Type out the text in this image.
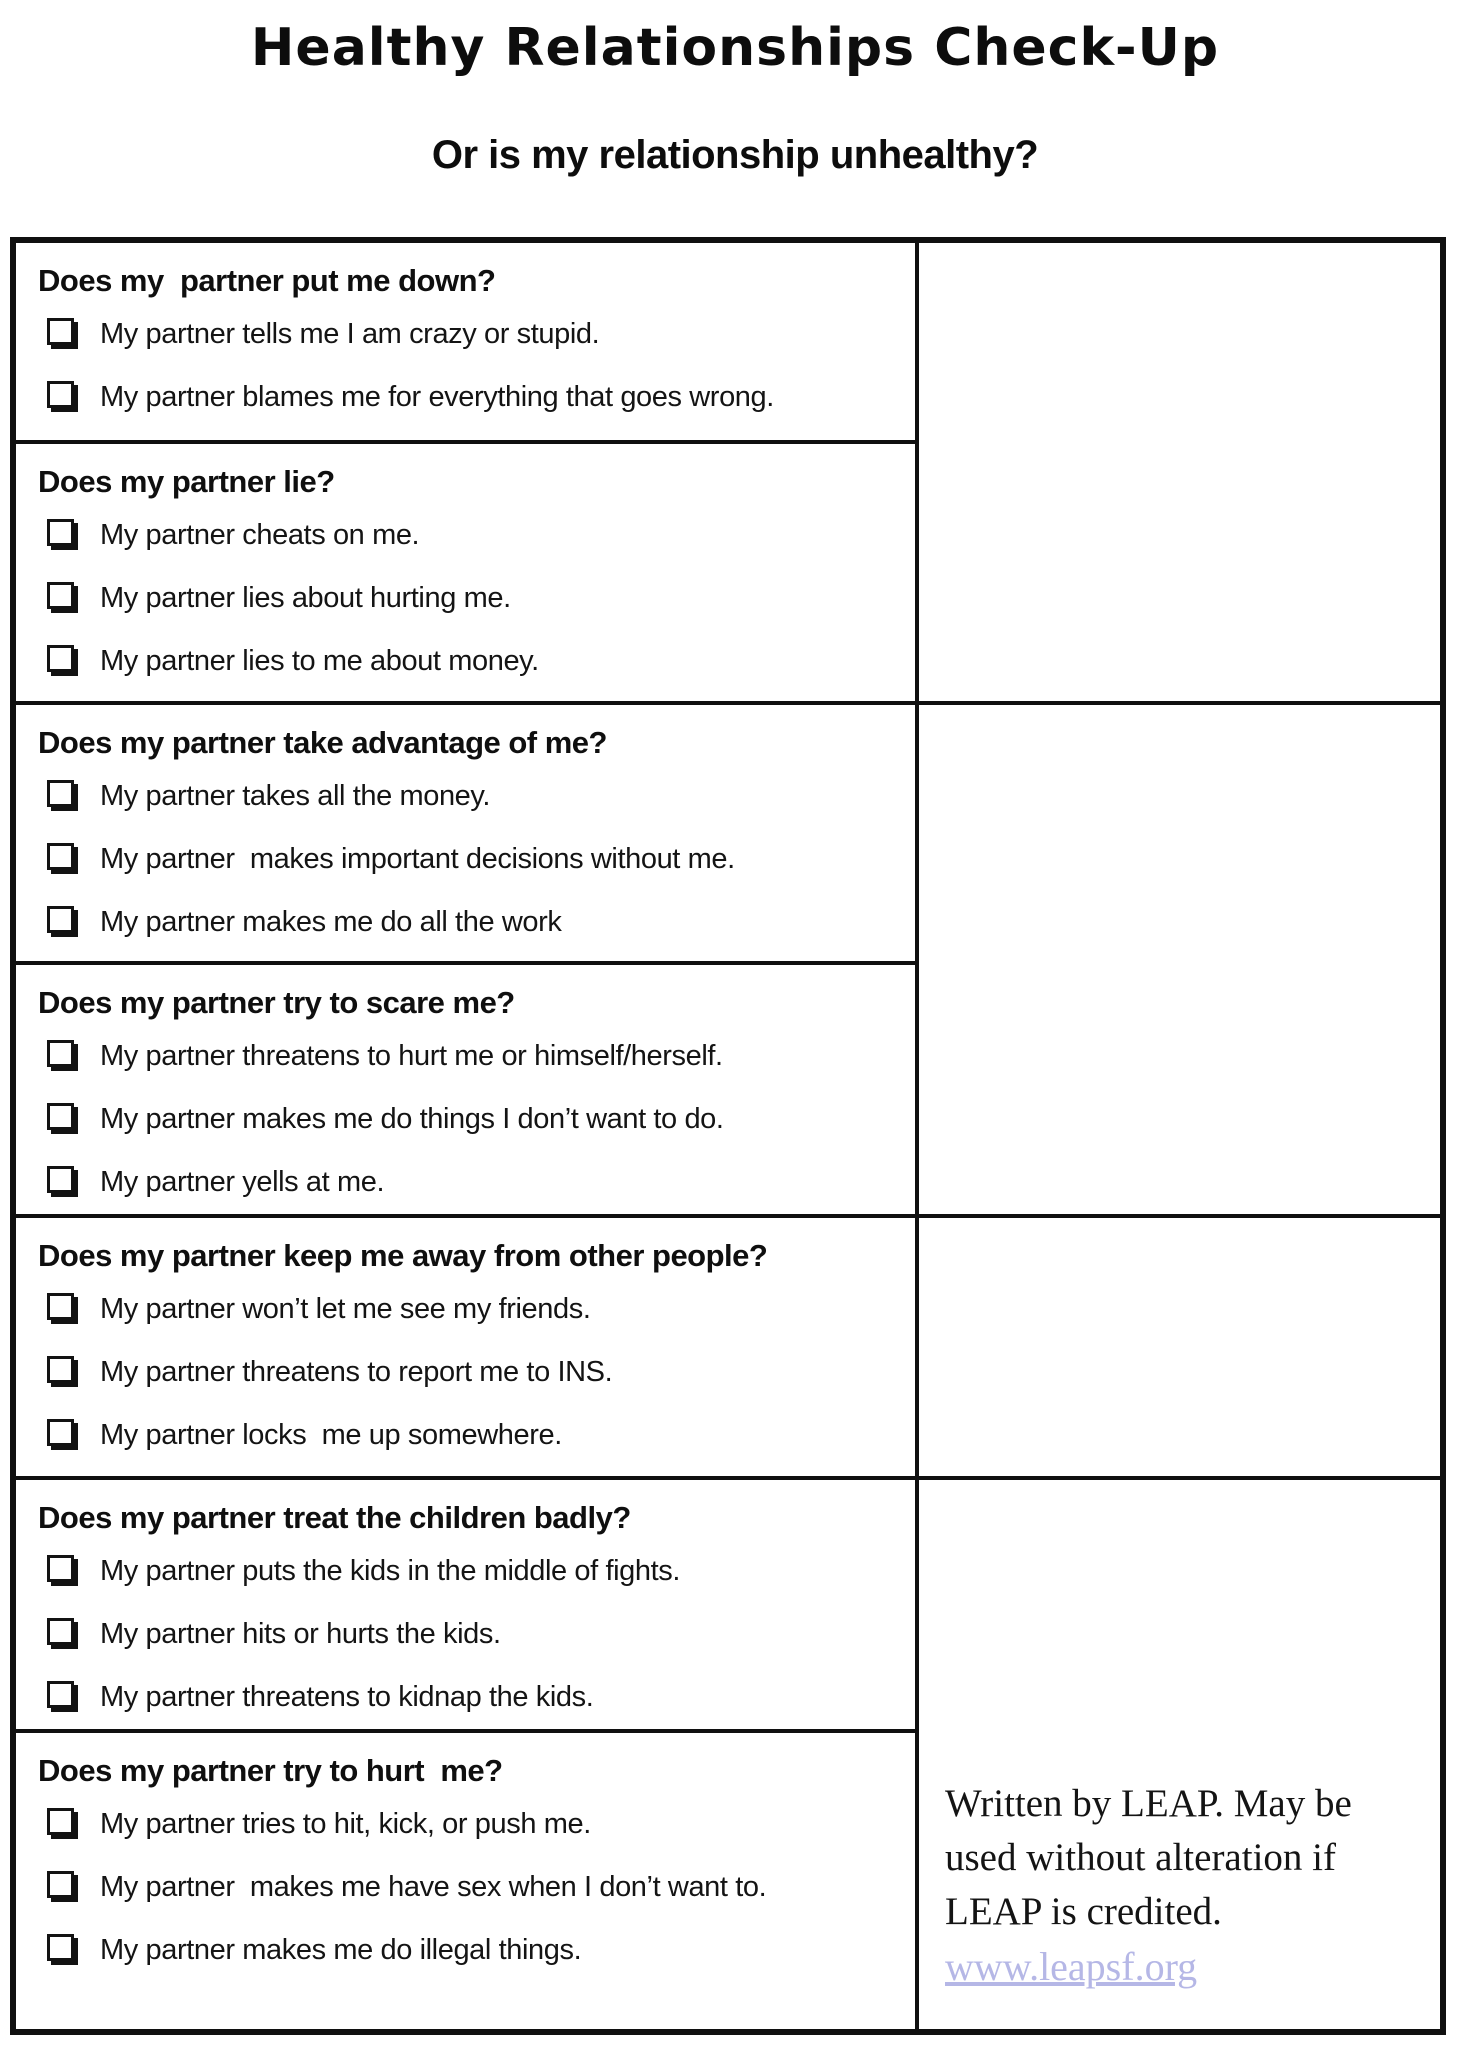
Healthy Relationships Check-Up
Or is my relationship unhealthy?
Does my  partner put me down?
My partner tells me I am crazy or stupid.
My partner blames me for everything that goes wrong.
Does my partner lie?
My partner cheats on me.
My partner lies about hurting me.
My partner lies to me about money.
Does my partner take advantage of me?
My partner takes all the money.
My partner  makes important decisions without me.
My partner makes me do all the work
Does my partner try to scare me?
My partner threatens to hurt me or himself/herself.
My partner makes me do things I don’t want to do.
My partner yells at me.
Does my partner keep me away from other people?
My partner won’t let me see my friends.
My partner threatens to report me to INS.
My partner locks  me up somewhere.
Does my partner treat the children badly?
My partner puts the kids in the middle of fights.
My partner hits or hurts the kids.
My partner threatens to kidnap the kids.
Does my partner try to hurt  me?
My partner tries to hit, kick, or push me.
My partner  makes me have sex when I don’t want to.
My partner makes me do illegal things.
Written by LEAP. May be
used without alteration if
LEAP is credited.
www.leapsf.org
